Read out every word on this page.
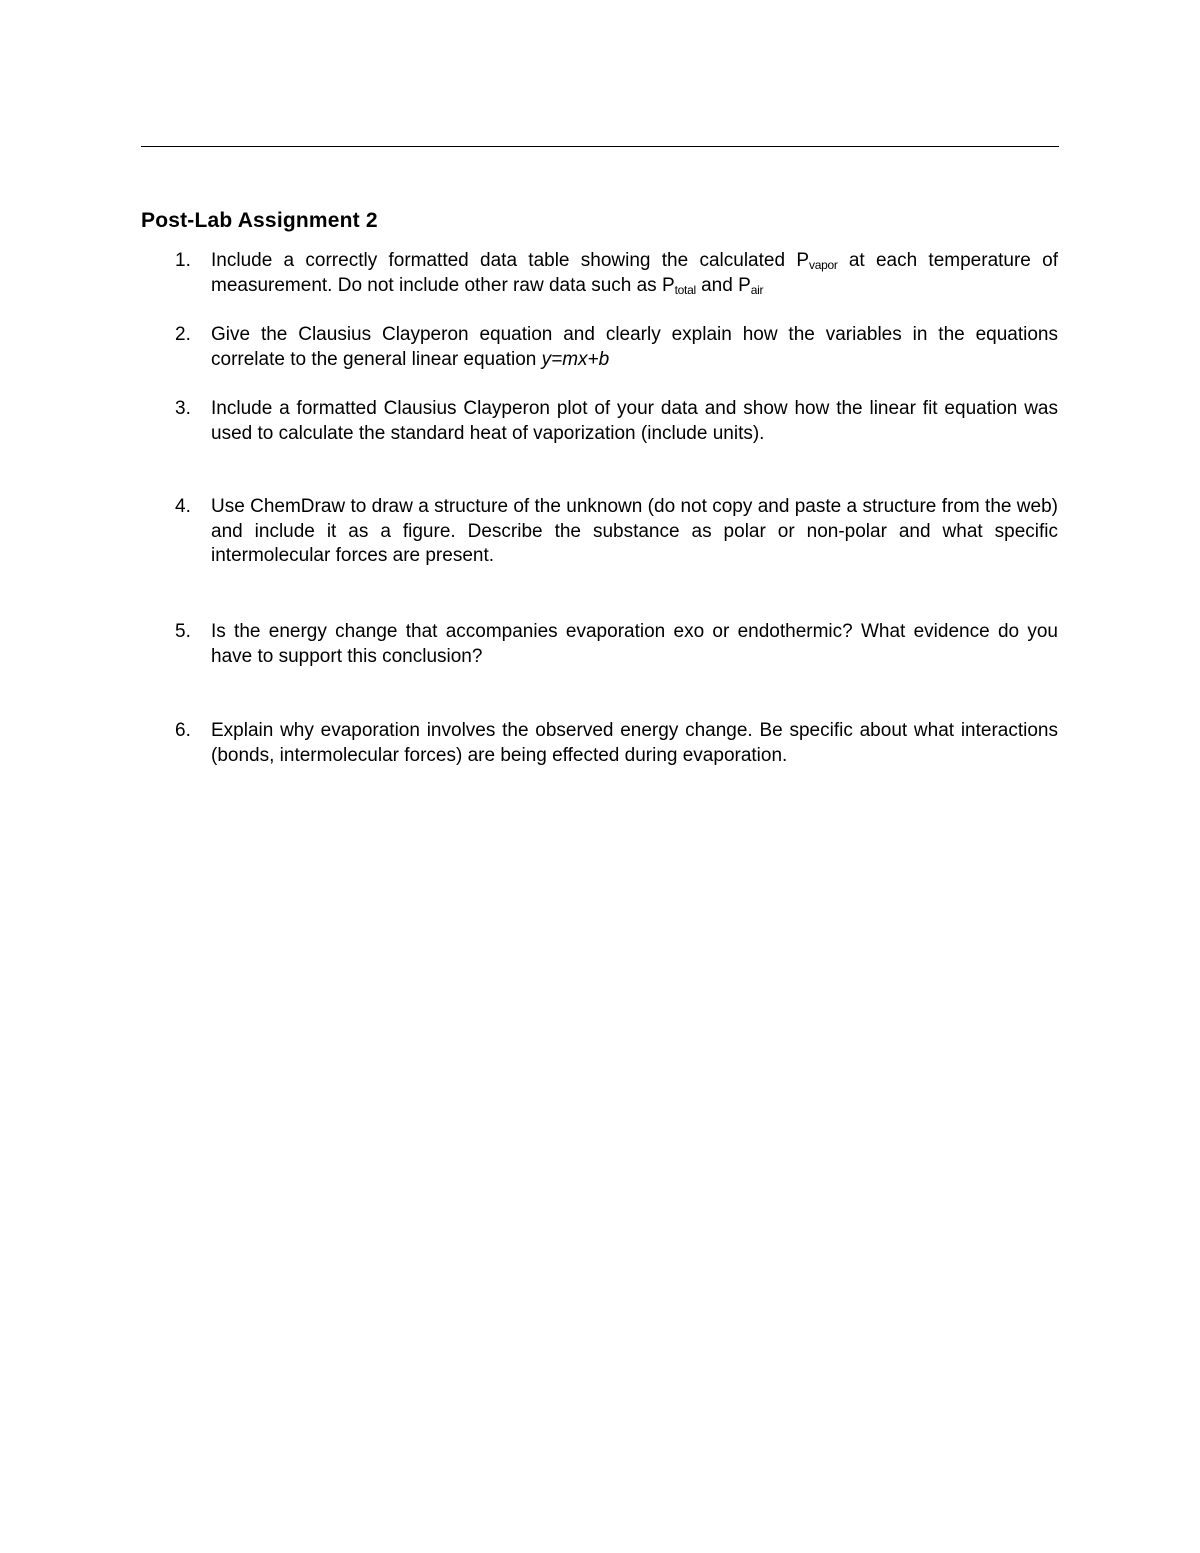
Post-Lab Assignment 2
1. Include a correctly formatted data table showing the calculated $P_{vapor}$ at each temperature of measurement. Do not include other raw data such as $P_{total}$ and $P_{air}$
2. Give the Clausius Clayperon equation and clearly explain how the variables in the equations correlate to the general linear equation y=mx+b
3. Include a formatted Clausius Clayperon plot of your data and show how the linear fit equation was used to calculate the standard heat of vaporization (include units).
4. Use ChemDraw to draw a structure of the unknown (do not copy and paste a structure from the web) and include it as a figure. Describe the substance as polar or non-polar and what specific intermolecular forces are present.
5. Is the energy change that accompanies evaporation exo or endothermic? What evidence do you have to support this conclusion?
6. Explain why evaporation involves the observed energy change. Be specific about what interactions (bonds, intermolecular forces) are being effected during evaporation.
